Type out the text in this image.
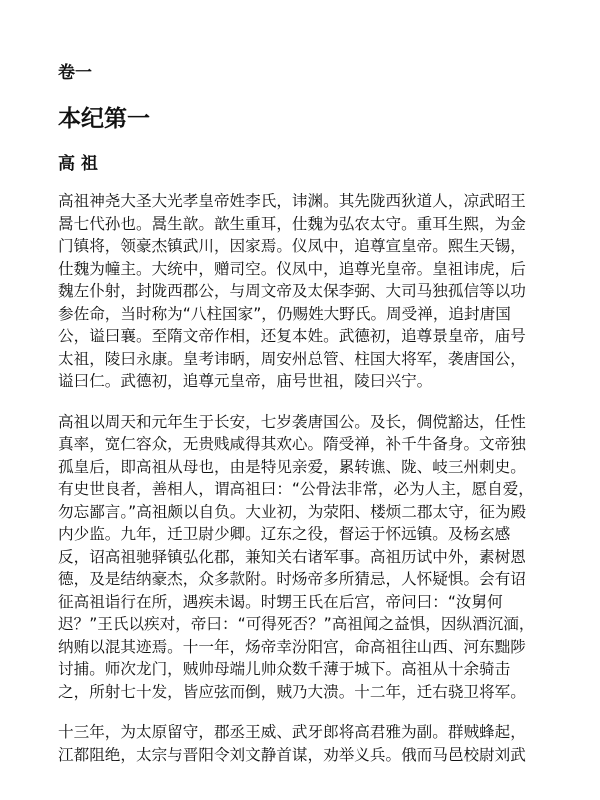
卷一
本纪第一
高 祖

高祖神尧大圣大光孝皇帝姓李氏，讳渊。其先陇西狄道人，凉武昭王
暠七代孙也。暠生歆。歆生重耳，仕魏为弘农太守。重耳生熙，为金
门镇将，领豪杰镇武川，因家焉。仪凤中，追尊宣皇帝。熙生天锡，
仕魏为幢主。大统中，赠司空。仪凤中，追尊光皇帝。皇祖讳虎，后
魏左仆射，封陇西郡公，与周文帝及太保李弼、大司马独孤信等以功
参佐命，当时称为“八柱国家”，仍赐姓大野氏。周受禅，追封唐国
公，谥曰襄。至隋文帝作相，还复本姓。武德初，追尊景皇帝，庙号
太祖，陵曰永康。皇考讳昞，周安州总管、柱国大将军，袭唐国公，
谥曰仁。武德初，追尊元皇帝，庙号世祖，陵曰兴宁。

高祖以周天和元年生于长安，七岁袭唐国公。及长，倜傥豁达，任性
真率，宽仁容众，无贵贱咸得其欢心。隋受禅，补千牛备身。文帝独
孤皇后，即高祖从母也，由是特见亲爱，累转谯、陇、岐三州刺史。
有史世良者，善相人，谓高祖曰：“公骨法非常，必为人主，愿自爱，
勿忘鄙言。”高祖颇以自负。大业初，为荥阳、楼烦二郡太守，征为殿
内少监。九年，迁卫尉少卿。辽东之役，督运于怀远镇。及杨玄感
反，诏高祖驰驿镇弘化郡，兼知关右诸军事。高祖历试中外，素树恩
德，及是结纳豪杰，众多款附。时炀帝多所猜忌，人怀疑惧。会有诏
征高祖诣行在所，遇疾未谒。时甥王氏在后宫，帝问曰：“汝舅何
迟？”王氏以疾对，帝曰：“可得死否？”高祖闻之益惧，因纵酒沉湎，
纳贿以混其迹焉。十一年，炀帝幸汾阳宫，命高祖往山西、河东黜陟
讨捕。师次龙门，贼帅母端儿帅众数千薄于城下。高祖从十余骑击
之，所射七十发，皆应弦而倒，贼乃大溃。十二年，迁右骁卫将军。

十三年，为太原留守，郡丞王威、武牙郎将高君雅为副。群贼蜂起，
江都阻绝，太宗与晋阳令刘文静首谋，劝举义兵。俄而马邑校尉刘武
